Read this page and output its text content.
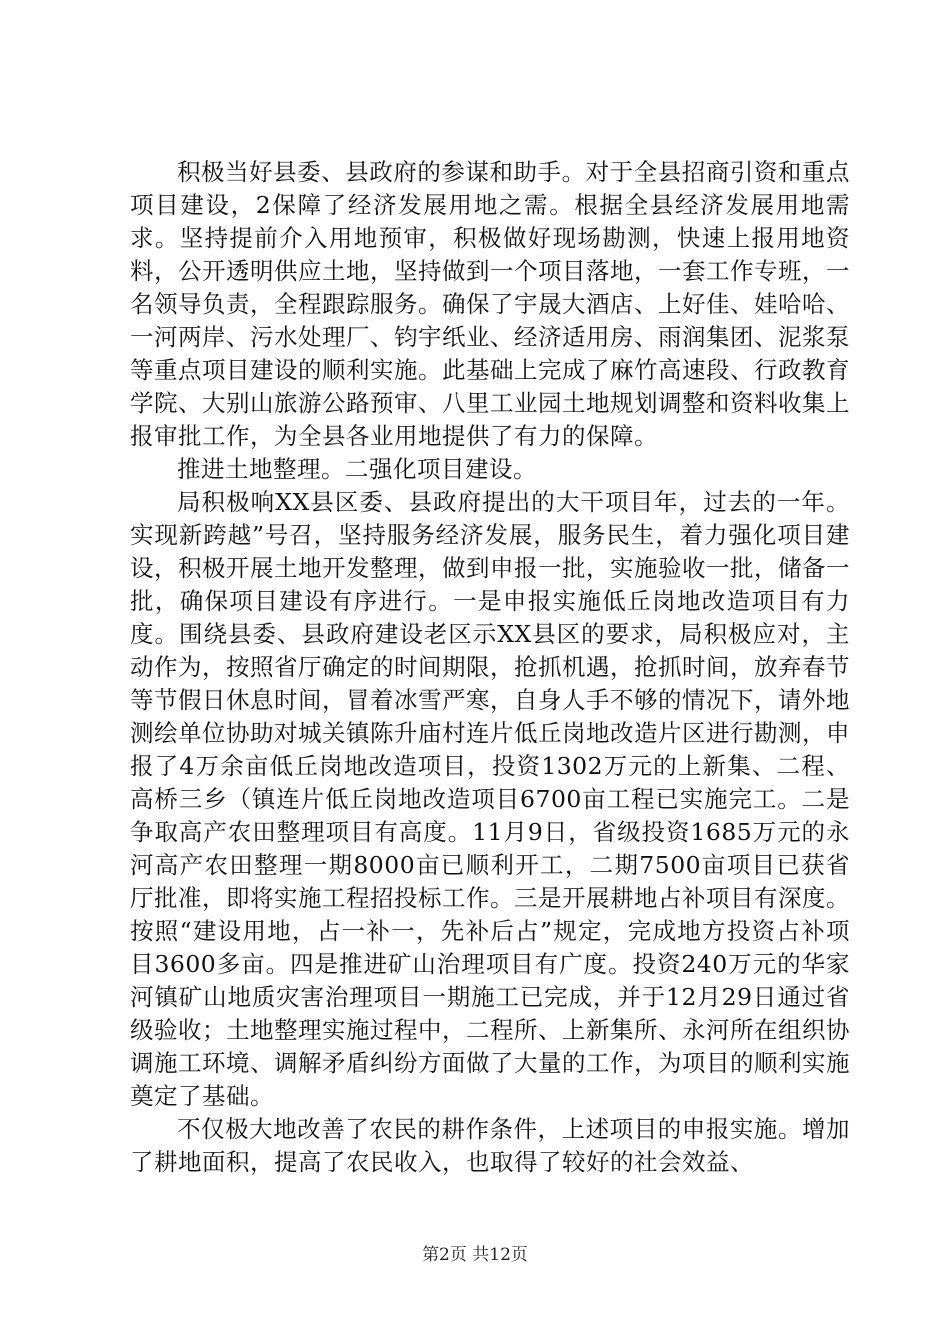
积极当好县委、县政府的参谋和助手。对于全县招商引资和重点项目建设，2保障了经济发展用地之需。根据全县经济发展用地需求。坚持提前介入用地预审，积极做好现场勘测，快速上报用地资料，公开透明供应土地，坚持做到一个项目落地，一套工作专班，一名领导负责，全程跟踪服务。确保了宇晟大酒店、上好佳、娃哈哈、一河两岸、污水处理厂、钧宇纸业、经济适用房、雨润集团、泥浆泵等重点项目建设的顺利实施。此基础上完成了麻竹高速段、行政教育学院、大别山旅游公路预审、八里工业园土地规划调整和资料收集上报审批工作，为全县各业用地提供了有力的保障。

推进土地整理。二强化项目建设。

局积极响XX县区委、县政府提出的大干项目年，过去的一年。实现新跨越”号召，坚持服务经济发展，服务民生，着力强化项目建设，积极开展土地开发整理，做到申报一批，实施验收一批，储备一批，确保项目建设有序进行。一是申报实施低丘岗地改造项目有力度。围绕县委、县政府建设老区示XX县区的要求，局积极应对，主动作为，按照省厅确定的时间期限，抢抓机遇，抢抓时间，放弃春节等节假日休息时间，冒着冰雪严寒，自身人手不够的情况下，请外地测绘单位协助对城关镇陈升庙村连片低丘岗地改造片区进行勘测，申报了4万余亩低丘岗地改造项目，投资1302万元的上新集、二程、高桥三乡（镇连片低丘岗地改造项目6700亩工程已实施完工。二是争取高产农田整理项目有高度。11月9日，省级投资1685万元的永河高产农田整理一期8000亩已顺利开工，二期7500亩项目已获省厅批准，即将实施工程招投标工作。三是开展耕地占补项目有深度。按照“建设用地，占一补一，先补后占”规定，完成地方投资占补项目3600多亩。四是推进矿山治理项目有广度。投资240万元的华家河镇矿山地质灾害治理项目一期施工已完成，并于12月29日通过省级验收；土地整理实施过程中，二程所、上新集所、永河所在组织协调施工环境、调解矛盾纠纷方面做了大量的工作，为项目的顺利实施奠定了基础。

不仅极大地改善了农民的耕作条件，上述项目的申报实施。增加了耕地面积，提高了农民收入，也取得了较好的社会效益、

第2页 共12页
